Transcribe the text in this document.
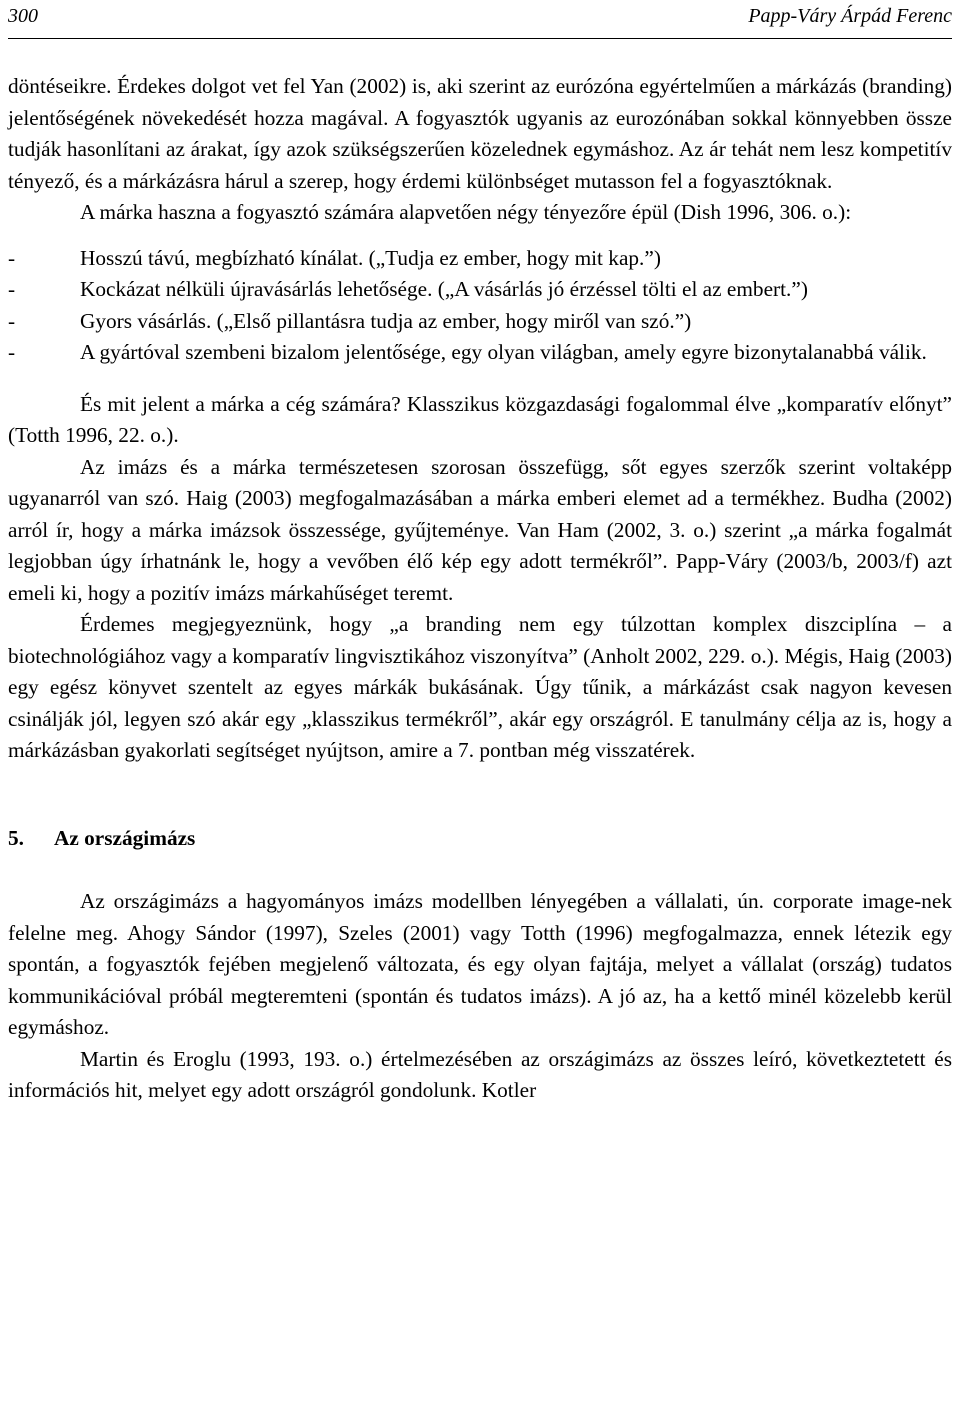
300	Papp-Váry Árpád Ferenc

döntéseikre. Érdekes dolgot vet fel Yan (2002) is, aki szerint az eurózóna egyértelműen a márkázás (branding) jelentőségének növekedését hozza magával. A fogyasztók ugyanis az eurozónában sokkal könnyebben össze tudják hasonlítani az árakat, így azok szükségszerűen közelednek egymáshoz. Az ár tehát nem lesz kompetitív tényező, és a márkázásra hárul a szerep, hogy érdemi különbséget mutasson fel a fogyasztóknak.

A márka haszna a fogyasztó számára alapvetően négy tényezőre épül (Dish 1996, 306. o.):

-	Hosszú távú, megbízható kínálat. („Tudja ez ember, hogy mit kap.”)
-	Kockázat nélküli újravásárlás lehetősége. („A vásárlás jó érzéssel tölti el az embert.”)
-	Gyors vásárlás. („Első pillantásra tudja az ember, hogy miről van szó.”)
-	A gyártóval szembeni bizalom jelentősége, egy olyan világban, amely egyre bizonytalanabbá válik.

És mit jelent a márka a cég számára? Klasszikus közgazdasági fogalommal élve „komparatív előnyt” (Totth 1996, 22. o.).

Az imázs és a márka természetesen szorosan összefügg, sőt egyes szerzők szerint voltaképp ugyanarról van szó. Haig (2003) megfogalmazásában a márka emberi elemet ad a termékhez. Budha (2002) arról ír, hogy a márka imázsok összessége, gyűjteménye. Van Ham (2002, 3. o.) szerint „a márka fogalmát legjobban úgy írhatnánk le, hogy a vevőben élő kép egy adott termékről”. Papp-Váry (2003/b, 2003/f) azt emeli ki, hogy a pozitív imázs márkahűséget teremt.

Érdemes megjegyeznünk, hogy „a branding nem egy túlzottan komplex diszciplína – a biotechnológiához vagy a komparatív lingvisztikához viszonyítva” (Anholt 2002, 229. o.). Mégis, Haig (2003) egy egész könyvet szentelt az egyes márkák bukásának. Úgy tűnik, a márkázást csak nagyon kevesen csinálják jól, legyen szó akár egy „klasszikus termékről”, akár egy országról. E tanulmány célja az is, hogy a márkázásban gyakorlati segítséget nyújtson, amire a 7. pontban még visszatérek.

5. Az országimázs

Az országimázs a hagyományos imázs modellben lényegében a vállalati, ún. corporate image-nek felelne meg. Ahogy Sándor (1997), Szeles (2001) vagy Totth (1996) megfogalmazza, ennek létezik egy spontán, a fogyasztók fejében megjelenő változata, és egy olyan fajtája, melyet a vállalat (ország) tudatos kommunikációval próbál megteremteni (spontán és tudatos imázs). A jó az, ha a kettő minél közelebb kerül egymáshoz.

Martin és Eroglu (1993, 193. o.) értelmezésében az országimázs az összes leíró, következtetett és információs hit, melyet egy adott országról gondolunk. Kotler
